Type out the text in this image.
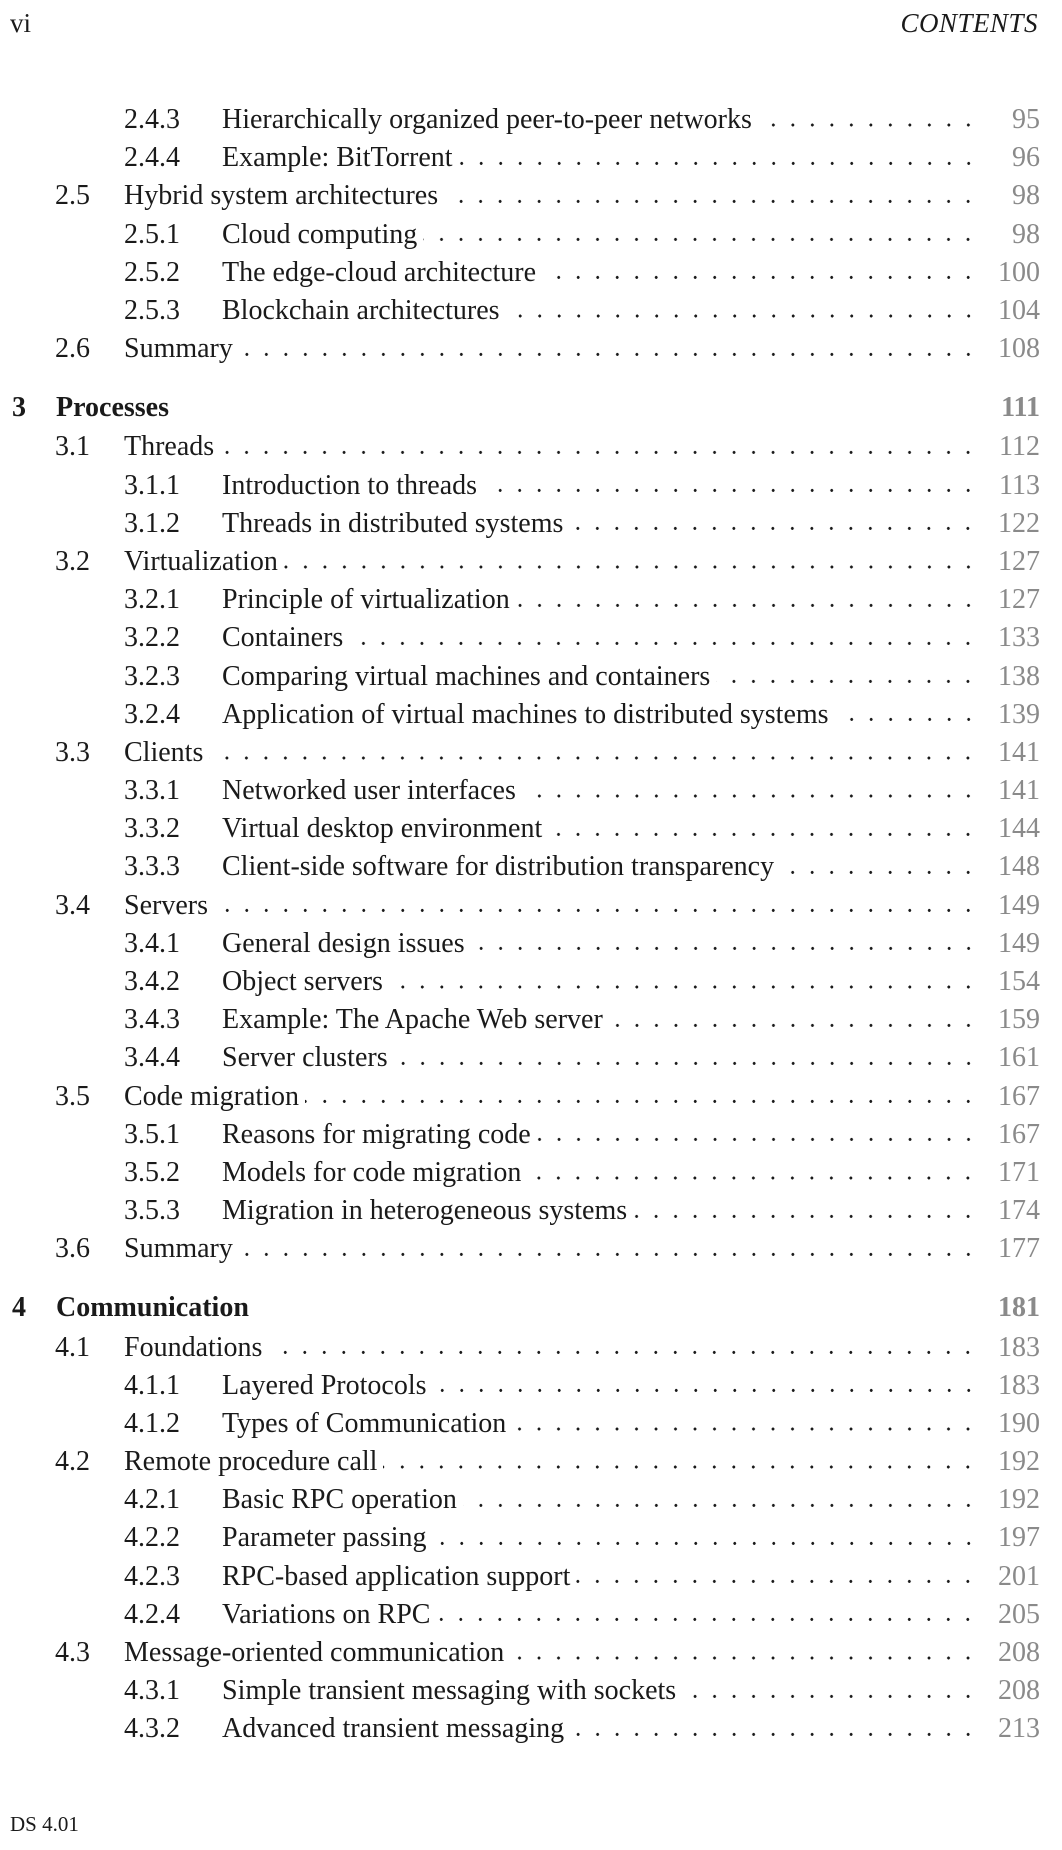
vi	CONTENTS
2.4.3 Hierarchically organized peer-to-peer networks	95
2.4.4 Example: BitTorrent	96
2.5 Hybrid system architectures	98
2.5.1 Cloud computing	98
2.5.2 The edge-cloud architecture	100
2.5.3 Blockchain architectures	104
2.6 Summary	108
3 Processes	111
3.1 Threads	112
3.1.1 Introduction to threads	113
3.1.2 Threads in distributed systems	122
3.2 Virtualization	127
3.2.1 Principle of virtualization	127
3.2.2 Containers	133
3.2.3 Comparing virtual machines and containers	138
3.2.4 Application of virtual machines to distributed systems	139
3.3 Clients	141
3.3.1 Networked user interfaces	141
3.3.2 Virtual desktop environment	144
3.3.3 Client-side software for distribution transparency	148
3.4 Servers	149
3.4.1 General design issues	149
3.4.2 Object servers	154
3.4.3 Example: The Apache Web server	159
3.4.4 Server clusters	161
3.5 Code migration	167
3.5.1 Reasons for migrating code	167
3.5.2 Models for code migration	171
3.5.3 Migration in heterogeneous systems	174
3.6 Summary	177
4 Communication	181
4.1 Foundations	183
4.1.1 Layered Protocols	183
4.1.2 Types of Communication	190
4.2 Remote procedure call	192
4.2.1 Basic RPC operation	192
4.2.2 Parameter passing	197
4.2.3 RPC-based application support	201
4.2.4 Variations on RPC	205
4.3 Message-oriented communication	208
4.3.1 Simple transient messaging with sockets	208
4.3.2 Advanced transient messaging	213
DS 4.01
